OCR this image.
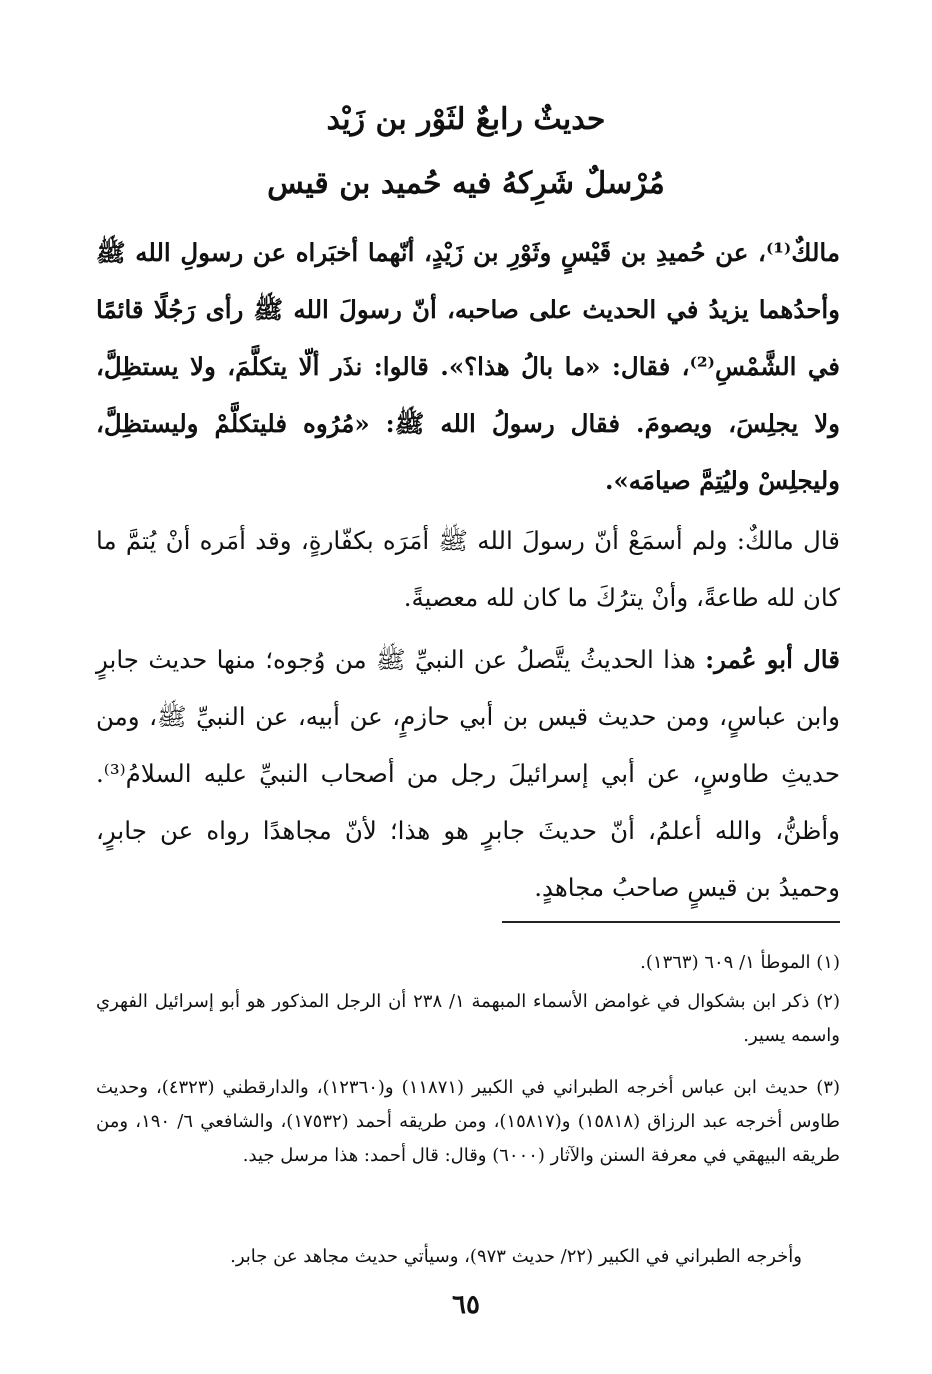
حديثٌ رابعٌ لثَوْر بن زَيْد
مُرْسلٌ شَرِكهُ فيه حُميد بن قيس
مالكٌ⁽¹⁾، عن حُميدِ بن قَيْسٍ وثَوْرِ بن زَيْدٍ، أنّهما أخبَراه عن رسولِ الله ﷺ وأحدُهما يزيدُ في الحديث على صاحبه، أنّ رسولَ الله ﷺ رأى رَجُلًا قائمًا في الشَّمْسِ⁽²⁾، فقال: «ما بالُ هذا؟». قالوا: نذَر ألّا يتكلَّمَ، ولا يستظِلَّ، ولا يجلِسَ، ويصومَ. فقال رسولُ الله ﷺ: «مُرُوه فليتكلَّمْ وليستظِلَّ، وليجلِسْ وليُتِمَّ صيامَه».
قال مالكٌ: ولم أسمَعْ أنّ رسولَ الله ﷺ أمَرَه بكفّارةٍ، وقد أمَره أنْ يُتمَّ ما كان لله طاعةً، وأنْ يترُكَ ما كان لله معصيةً.
قال أبو عُمر: هذا الحديثُ يتَّصلُ عن النبيِّ ﷺ من وُجوه؛ منها حديث جابرٍ وابن عباسٍ، ومن حديث قيس بن أبي حازمٍ، عن أبيه، عن النبيِّ ﷺ، ومن حديثِ طاوسٍ، عن أبي إسرائيلَ رجل من أصحاب النبيِّ عليه السلامُ⁽³⁾. وأظنُّ، والله أعلمُ، أنّ حديثَ جابرٍ هو هذا؛ لأنّ مجاهدًا رواه عن جابرٍ، وحميدُ بن قيسٍ صاحبُ مجاهدٍ.
(١) الموطأ ١/ ٦٠٩ (١٣٦٣).
(٢) ذكر ابن بشكوال في غوامض الأسماء المبهمة ١/ ٢٣٨ أن الرجل المذكور هو أبو إسرائيل الفهري واسمه يسير.
(٣) حديث ابن عباس أخرجه الطبراني في الكبير (١١٨٧١) و(١٢٣٦٠)، والدارقطني (٤٣٢٣)، وحديث طاوس أخرجه عبد الرزاق (١٥٨١٨) و(١٥٨١٧)، ومن طريقه أحمد (١٧٥٣٢)، والشافعي ٦/ ١٩٠، ومن طريقه البيهقي في معرفة السنن والآثار (٦٠٠٠) وقال: قال أحمد: هذا مرسل جيد.
وأخرجه الطبراني في الكبير (٢٢/ حديث ٩٧٣)، وسيأتي حديث مجاهد عن جابر.
٦٥
